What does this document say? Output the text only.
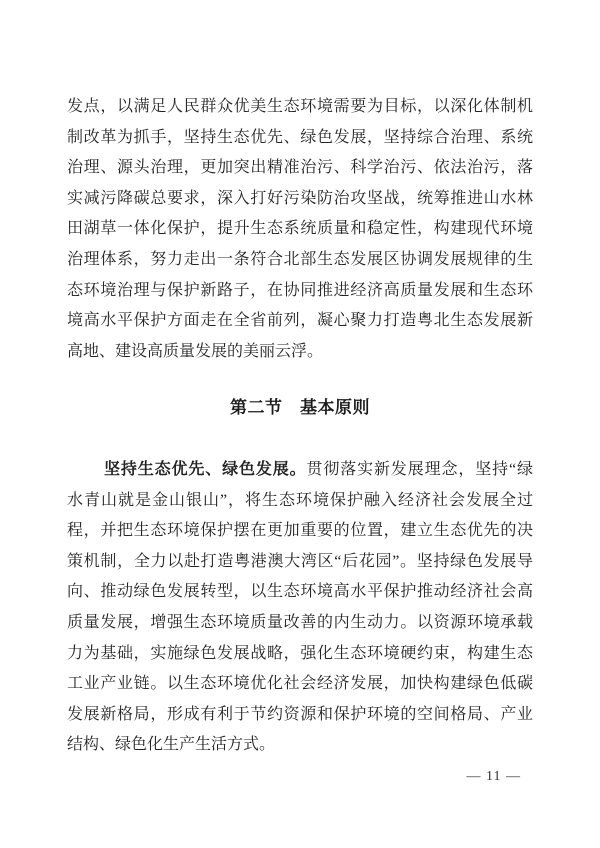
发点，以满足人民群众优美生态环境需要为目标，以深化体制机
制改革为抓手，坚持生态优先、绿色发展，坚持综合治理、系统
治理、源头治理，更加突出精准治污、科学治污、依法治污，落
实减污降碳总要求，深入打好污染防治攻坚战，统筹推进山水林
田湖草一体化保护，提升生态系统质量和稳定性，构建现代环境
治理体系，努力走出一条符合北部生态发展区协调发展规律的生
态环境治理与保护新路子，在协同推进经济高质量发展和生态环
境高水平保护方面走在全省前列，凝心聚力打造粤北生态发展新
高地、建设高质量发展的美丽云浮。
第二节　基本原则
坚持生态优先、绿色发展。贯彻落实新发展理念，坚持“绿
水青山就是金山银山”，将生态环境保护融入经济社会发展全过
程，并把生态环境保护摆在更加重要的位置，建立生态优先的决
策机制，全力以赴打造粤港澳大湾区“后花园”。坚持绿色发展导
向、推动绿色发展转型，以生态环境高水平保护推动经济社会高
质量发展，增强生态环境质量改善的内生动力。以资源环境承载
力为基础，实施绿色发展战略，强化生态环境硬约束，构建生态
工业产业链。以生态环境优化社会经济发展，加快构建绿色低碳
发展新格局，形成有利于节约资源和保护环境的空间格局、产业
结构、绿色化生产生活方式。
— 11 —
